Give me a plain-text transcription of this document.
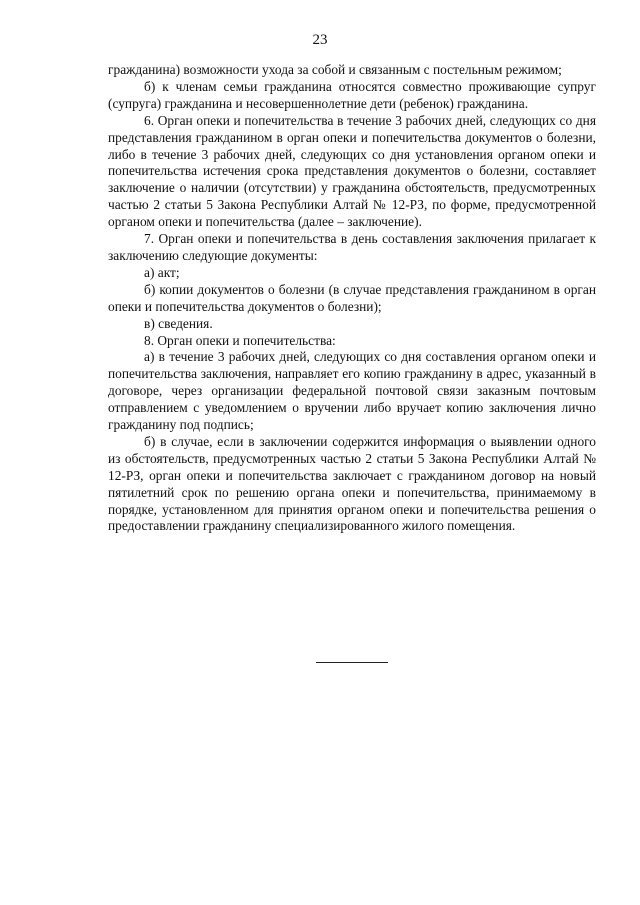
23

гражданина) возможности ухода за собой и связанным с постельным режимом;

б) к членам семьи гражданина относятся совместно проживающие супруг (супруга) гражданина и несовершеннолетние дети (ребенок) гражданина.

6. Орган опеки и попечительства в течение 3 рабочих дней, следующих со дня представления гражданином в орган опеки и попечительства документов о болезни, либо в течение 3 рабочих дней, следующих со дня установления органом опеки и попечительства истечения срока представления документов о болезни, составляет заключение о наличии (отсутствии) у гражданина обстоятельств, предусмотренных частью 2 статьи 5 Закона Республики Алтай № 12-РЗ, по форме, предусмотренной органом опеки и попечительства (далее – заключение).

7. Орган опеки и попечительства в день составления заключения прилагает к заключению следующие документы:

а) акт;

б) копии документов о болезни (в случае представления гражданином в орган опеки и попечительства документов о болезни);

в) сведения.

8. Орган опеки и попечительства:

а) в течение 3 рабочих дней, следующих со дня составления органом опеки и попечительства заключения, направляет его копию гражданину в адрес, указанный в договоре, через организации федеральной почтовой связи заказным почтовым отправлением с уведомлением о вручении либо вручает копию заключения лично гражданину под подпись;

б) в случае, если в заключении содержится информация о выявлении одного из обстоятельств, предусмотренных частью 2 статьи 5 Закона Республики Алтай № 12-РЗ, орган опеки и попечительства заключает с гражданином договор на новый пятилетний срок по решению органа опеки и попечительства, принимаемому в порядке, установленном для принятия органом опеки и попечительства решения о предоставлении гражданину специализированного жилого помещения.
